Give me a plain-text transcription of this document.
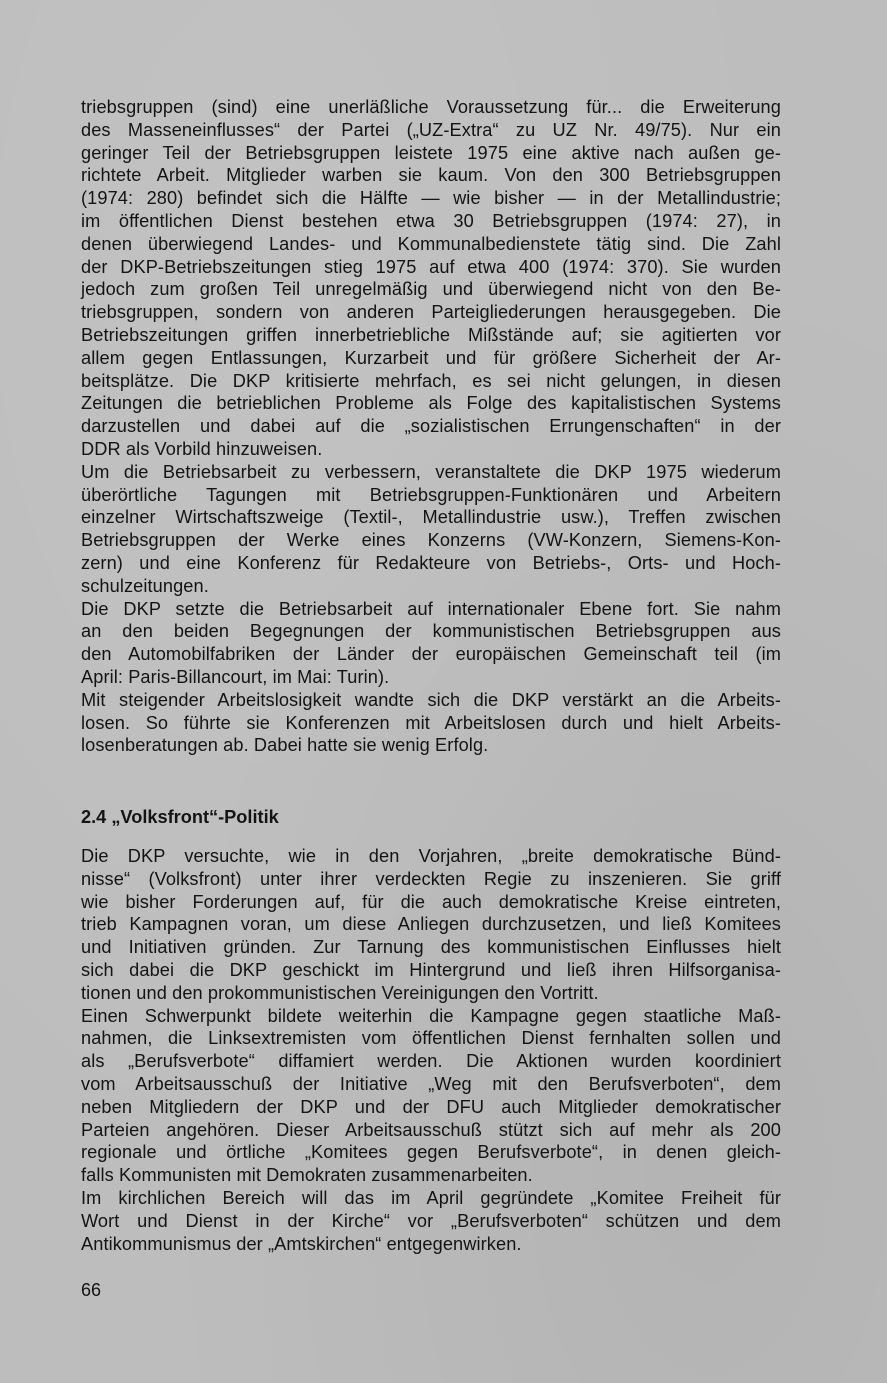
triebsgruppen (sind) eine unerläßliche Voraussetzung für... die Erweiterung
des Masseneinflusses“ der Partei („UZ-Extra“ zu UZ Nr. 49/75). Nur ein
geringer Teil der Betriebsgruppen leistete 1975 eine aktive nach außen ge-
richtete Arbeit. Mitglieder warben sie kaum. Von den 300 Betriebsgruppen
(1974: 280) befindet sich die Hälfte — wie bisher — in der Metallindustrie;
im öffentlichen Dienst bestehen etwa 30 Betriebsgruppen (1974: 27), in
denen überwiegend Landes- und Kommunalbedienstete tätig sind. Die Zahl
der DKP-Betriebszeitungen stieg 1975 auf etwa 400 (1974: 370). Sie wurden
jedoch zum großen Teil unregelmäßig und überwiegend nicht von den Be-
triebsgruppen, sondern von anderen Parteigliederungen herausgegeben. Die
Betriebszeitungen griffen innerbetriebliche Mißstände auf; sie agitierten vor
allem gegen Entlassungen, Kurzarbeit und für größere Sicherheit der Ar-
beitsplätze. Die DKP kritisierte mehrfach, es sei nicht gelungen, in diesen
Zeitungen die betrieblichen Probleme als Folge des kapitalistischen Systems
darzustellen und dabei auf die „sozialistischen Errungenschaften“ in der
DDR als Vorbild hinzuweisen.
Um die Betriebsarbeit zu verbessern, veranstaltete die DKP 1975 wiederum
überörtliche Tagungen mit Betriebsgruppen-Funktionären und Arbeitern
einzelner Wirtschaftszweige (Textil-, Metallindustrie usw.), Treffen zwischen
Betriebsgruppen der Werke eines Konzerns (VW-Konzern, Siemens-Kon-
zern) und eine Konferenz für Redakteure von Betriebs-, Orts- und Hoch-
schulzeitungen.
Die DKP setzte die Betriebsarbeit auf internationaler Ebene fort. Sie nahm
an den beiden Begegnungen der kommunistischen Betriebsgruppen aus
den Automobilfabriken der Länder der europäischen Gemeinschaft teil (im
April: Paris-Billancourt, im Mai: Turin).
Mit steigender Arbeitslosigkeit wandte sich die DKP verstärkt an die Arbeits-
losen. So führte sie Konferenzen mit Arbeitslosen durch und hielt Arbeits-
losenberatungen ab. Dabei hatte sie wenig Erfolg.
2.4 „Volksfront“-Politik
Die DKP versuchte, wie in den Vorjahren, „breite demokratische Bünd-
nisse“ (Volksfront) unter ihrer verdeckten Regie zu inszenieren. Sie griff
wie bisher Forderungen auf, für die auch demokratische Kreise eintreten,
trieb Kampagnen voran, um diese Anliegen durchzusetzen, und ließ Komitees
und Initiativen gründen. Zur Tarnung des kommunistischen Einflusses hielt
sich dabei die DKP geschickt im Hintergrund und ließ ihren Hilfsorganisa-
tionen und den prokommunistischen Vereinigungen den Vortritt.
Einen Schwerpunkt bildete weiterhin die Kampagne gegen staatliche Maß-
nahmen, die Linksextremisten vom öffentlichen Dienst fernhalten sollen und
als „Berufsverbote“ diffamiert werden. Die Aktionen wurden koordiniert
vom Arbeitsausschuß der Initiative „Weg mit den Berufsverboten“, dem
neben Mitgliedern der DKP und der DFU auch Mitglieder demokratischer
Parteien angehören. Dieser Arbeitsausschuß stützt sich auf mehr als 200
regionale und örtliche „Komitees gegen Berufsverbote“, in denen gleich-
falls Kommunisten mit Demokraten zusammenarbeiten.
Im kirchlichen Bereich will das im April gegründete „Komitee Freiheit für
Wort und Dienst in der Kirche“ vor „Berufsverboten“ schützen und dem
Antikommunismus der „Amtskirchen“ entgegenwirken.
66
